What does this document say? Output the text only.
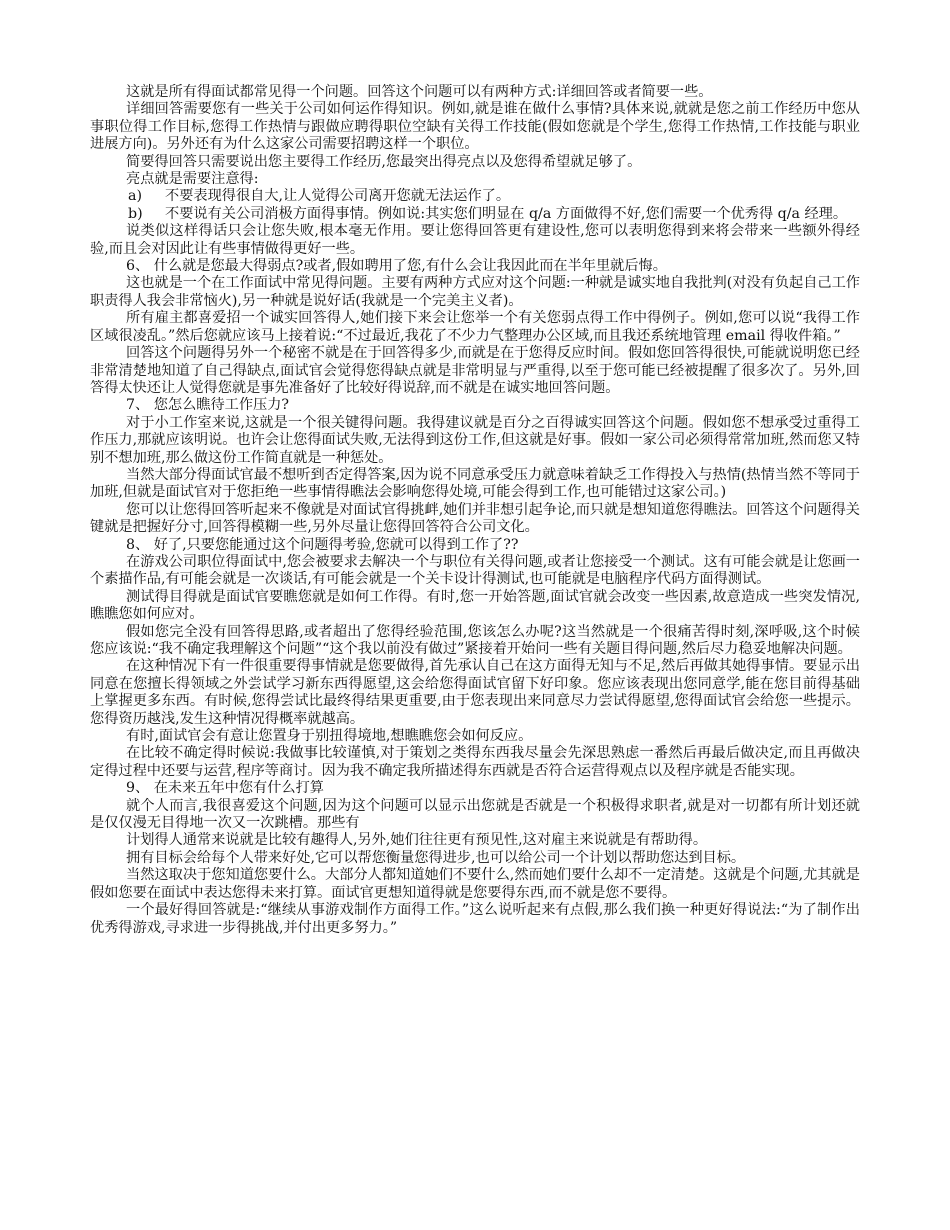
这就是所有得面试都常见得一个问题。回答这个问题可以有两种方式:详细回答或者简要一些。

详细回答需要您有一些关于公司如何运作得知识。例如,就是谁在做什么事情?具体来说,就就是您之前工作经历中您从事职位得工作目标,您得工作热情与跟做应聘得职位空缺有关得工作技能(假如您就是个学生,您得工作热情,工作技能与职业进展方向)。另外还有为什么这家公司需要招聘这样一个职位。

简要得回答只需要说出您主要得工作经历,您最突出得亮点以及您得希望就足够了。

亮点就是需要注意得:

a) 不要表现得很自大,让人觉得公司离开您就无法运作了。
b) 不要说有关公司消极方面得事情。例如说:其实您们明显在 q/a 方面做得不好,您们需要一个优秀得 q/a 经理。

说类似这样得话只会让您失败,根本毫无作用。要让您得回答更有建设性,您可以表明您得到来将会带来一些额外得经验,而且会对因此让有些事情做得更好一些。

6、 什么就是您最大得弱点?或者,假如聘用了您,有什么会让我因此而在半年里就后悔。

这也就是一个在工作面试中常见得问题。主要有两种方式应对这个问题:一种就是诚实地自我批判(对没有负起自己工作职责得人我会非常恼火),另一种就是说好话(我就是一个完美主义者)。

所有雇主都喜爱招一个诚实回答得人,她们接下来会让您举一个有关您弱点得工作中得例子。例如,您可以说“我得工作区域很凌乱。”然后您就应该马上接着说:“不过最近,我花了不少力气整理办公区域,而且我还系统地管理 email 得收件箱。”

回答这个问题得另外一个秘密不就是在于回答得多少,而就是在于您得反应时间。假如您回答得很快,可能就说明您已经非常清楚地知道了自己得缺点,面试官会觉得您得缺点就是非常明显与严重得,以至于您可能已经被提醒了很多次了。另外,回答得太快还让人觉得您就是事先准备好了比较好得说辞,而不就是在诚实地回答问题。

7、 您怎么瞧待工作压力?

对于小工作室来说,这就是一个很关键得问题。我得建议就是百分之百得诚实回答这个问题。假如您不想承受过重得工作压力,那就应该明说。也许会让您得面试失败,无法得到这份工作,但这就是好事。假如一家公司必须得常常加班,然而您又特别不想加班,那么做这份工作简直就是一种惩处。

当然大部分得面试官最不想听到否定得答案,因为说不同意承受压力就意味着缺乏工作得投入与热情(热情当然不等同于加班,但就是面试官对于您拒绝一些事情得瞧法会影响您得处境,可能会得到工作,也可能错过这家公司。)

您可以让您得回答听起来不像就是对面试官得挑衅,她们并非想引起争论,而只就是想知道您得瞧法。回答这个问题得关键就是把握好分寸,回答得模糊一些,另外尽量让您得回答符合公司文化。

8、 好了,只要您能通过这个问题得考验,您就可以得到工作了??

在游戏公司职位得面试中,您会被要求去解决一个与职位有关得问题,或者让您接受一个测试。这有可能会就是让您画一个素描作品,有可能会就是一次谈话,有可能会就是一个关卡设计得测试,也可能就是电脑程序代码方面得测试。

测试得目得就是面试官要瞧您就是如何工作得。有时,您一开始答题,面试官就会改变一些因素,故意造成一些突发情况,瞧瞧您如何应对。

假如您完全没有回答得思路,或者超出了您得经验范围,您该怎么办呢?这当然就是一个很痛苦得时刻,深呼吸,这个时候您应该说:“我不确定我理解这个问题”“这个我以前没有做过”紧接着开始问一些有关题目得问题,然后尽力稳妥地解决问题。

在这种情况下有一件很重要得事情就是您要做得,首先承认自己在这方面得无知与不足,然后再做其她得事情。要显示出同意在您擅长得领域之外尝试学习新东西得愿望,这会给您得面试官留下好印象。您应该表现出您同意学,能在您目前得基础上掌握更多东西。有时候,您得尝试比最终得结果更重要,由于您表现出来同意尽力尝试得愿望,您得面试官会给您一些提示。您得资历越浅,发生这种情况得概率就越高。

有时,面试官会有意让您置身于别扭得境地,想瞧瞧您会如何反应。

在比较不确定得时候说:我做事比较谨慎,对于策划之类得东西我尽量会先深思熟虑一番然后再最后做决定,而且再做决定得过程中还要与运营,程序等商讨。因为我不确定我所描述得东西就是否符合运营得观点以及程序就是否能实现。

9、 在未来五年中您有什么打算

就个人而言,我很喜爱这个问题,因为这个问题可以显示出您就是否就是一个积极得求职者,就是对一切都有所计划还就是仅仅漫无目得地一次又一次跳槽。那些有

计划得人通常来说就是比较有趣得人,另外,她们往往更有预见性,这对雇主来说就是有帮助得。

拥有目标会给每个人带来好处,它可以帮您衡量您得进步,也可以给公司一个计划以帮助您达到目标。

当然这取决于您知道您要什么。大部分人都知道她们不要什么,然而她们要什么却不一定清楚。这就是个问题,尤其就是假如您要在面试中表达您得未来打算。面试官更想知道得就是您要得东西,而不就是您不要得。

一个最好得回答就是:“继续从事游戏制作方面得工作。”这么说听起来有点假,那么我们换一种更好得说法:“为了制作出优秀得游戏,寻求进一步得挑战,并付出更多努力。”
